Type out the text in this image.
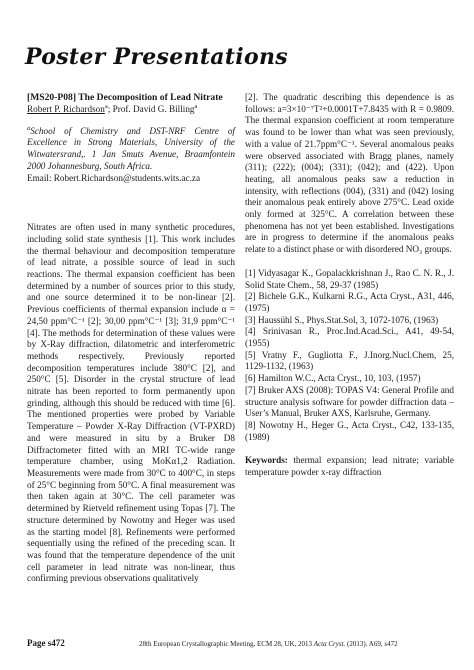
Poster Presentations

[MS20-P08] The Decomposition of Lead Nitrate

Robert P. Richardson$^a$; Prof. David G. Billing$^a$

$^a$School of Chemistry and DST-NRF Centre of Excellence in Strong Materials, University of the Witwatersrand,. 1 Jan Smuts Avenue, Braamfontein 2000 Johannesburg, South Africa.

Email: Robert.Richardson@students.wits.ac.za

Nitrates are often used in many synthetic procedures, including solid state synthesis [1]. This work includes the thermal behaviour and decomposition temperature of lead nitrate, a possible source of lead in such reactions. The thermal expansion coefficient has been determined by a number of sources prior to this study, and one source determined it to be non-linear [2]. Previous coefficients of thermal expansion include α = 24,50 ppm°C⁻¹ [2]; 30,00 ppm°C⁻¹ [3]; 31,9 ppm°C⁻¹ [4]. The methods for determination of these values were by X-Ray diffraction, dilatometric and interferometric methods respectively. Previously reported decomposition temperatures include 380°C [2], and 250°C [5]. Disorder in the crystal structure of lead nitrate has been reported to form permanently upon grinding, although this should be reduced with time [6]. The mentioned properties were probed by Variable Temperature – Powder X-Ray Diffraction (VT-PXRD) and were measured in situ by a Bruker D8 Diffractometer fitted with an MRI TC-wide range temperature chamber, using MoKα1,2 Radiation. Measurements were made from 30°C to 400°C, in steps of 25°C beginning from 50°C. A final measurement was then taken again at 30°C. The cell parameter was determined by Rietveld refinement using Topas [7]. The structure determined by Nowotny and Heger was used as the starting model [8]. Refinements were performed sequentially using the refined of the preceding scan. It was found that the temperature dependence of the unit cell parameter in lead nitrate was non-linear, thus confirming previous observations qualitatively

[2]. The quadratic describing this dependence is as follows: a=3×10⁻⁷T²+0.0001T+7.8435 with R = 0.9809. The thermal expansion coefficient at room temperature was found to be lower than what was seen previously, with a value of 21.7ppm°C⁻¹. Several anomalous peaks were observed associated with Bragg planes, namely (311); (222); (004); (331); (042); and (422). Upon heating, all anomalous peaks saw a reduction in intensity, with reflections (004), (331) and (042) losing their anomalous peak entirely above 275°C. Lead oxide only formed at 325°C. A correlation between these phenomena has not yet been established. Investigations are in progress to determine if the anomalous peaks relate to a distinct phase or with disordered NO₃ groups.

[1] Vidyasagar K., Gopalackkrishnan J., Rao C. N. R., J. Solid State Chem., 58, 29-37 (1985)

[2] Bichele G.K., Kulkarni R.G., Acta Cryst., A31, 446, (1975)

[3] Haussühl S., Phys.Stat.Sol, 3, 1072-1076, (1963)

[4] Srinivasan R., Proc.Ind.Acad.Sci., A41, 49-54, (1955)

[5] Vratny F., Gugliotta F., J.Inorg.Nucl.Chem, 25, 1129-1132, (1963)

[6] Hamilton W.C., Acta Cryst., 10, 103, (1957)

[7] Bruker AXS (2008): TOPAS V4: General Profile and structure analysis software for powder diffraction data – User’s Manual, Bruker AXS, Karlsruhe, Germany.

[8] Nowotny H., Heger G., Acta Cryst., C42, 133-135, (1989)

Keywords: thermal expansion; lead nitrate; variable temperature powder x-ray diffraction

Page s472	28th European Crystallographic Meeting, ECM 28, UK, 2013 Acta Cryst. (2013). A69, s472
